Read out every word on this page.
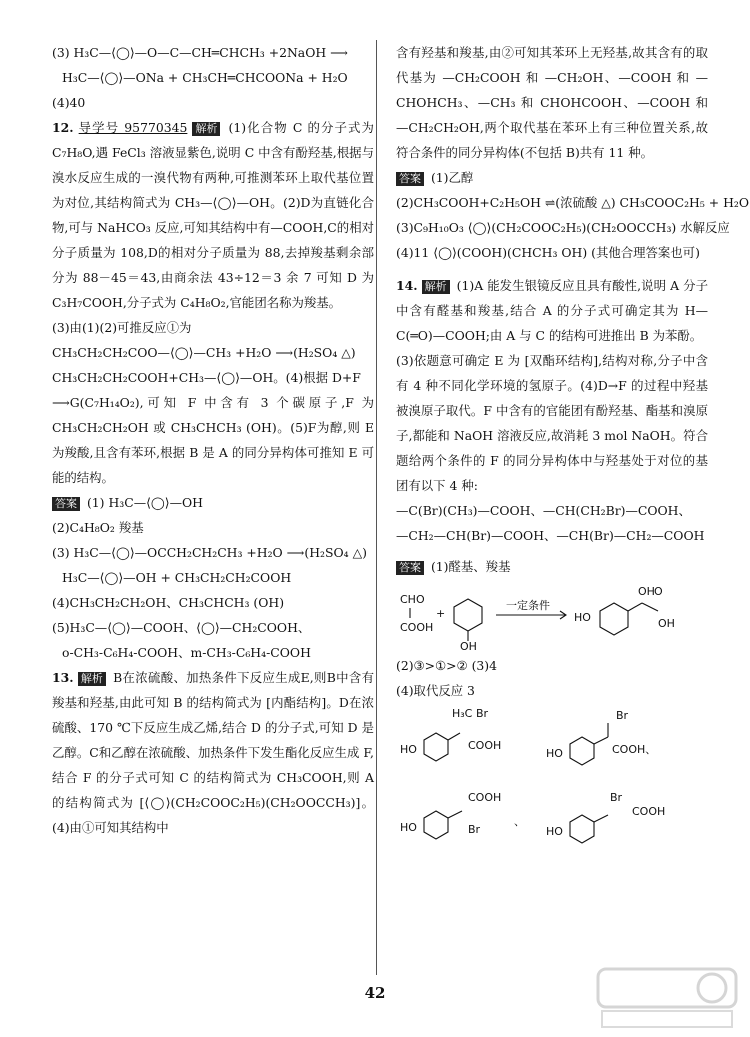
(3) H₃C—⟨◯⟩—O—C—CH═CHCH₃ +2NaOH ⟶
H₃C—⟨◯⟩—ONa + CH₃CH═CHCOONa + H₂O
(4)40
12. 导学号 95770345 解析 (1)化合物 C 的分子式为 C₇H₈O,遇 FeCl₃ 溶液显紫色,说明 C 中含有酚羟基,根据与溴水反应生成的一溴代物有两种,可推测苯环上取代基位置为对位,其结构简式为 CH₃—⟨◯⟩—OH。(2)D为直链化合物,可与 NaHCO₃ 反应,可知其结构中有—COOH,C的相对分子质量为 108,D的相对分子质量为 88,去掉羧基剩余部分为 88－45＝43,由商余法 43÷12＝3 余 7 可知 D 为 C₃H₇COOH,分子式为 C₄H₈O₂,官能团名称为羧基。
(3)由(1)(2)可推反应①为
CH₃CH₂CH₂COO—⟨◯⟩—CH₃ +H₂O ⟶(H₂SO₄ △)
CH₃CH₂CH₂COOH+CH₃—⟨◯⟩—OH。(4)根据 D+F
⟶G(C₇H₁₄O₂),可知 F 中含有 3 个碳原子,F 为 CH₃CH₂CH₂OH 或 CH₃CHCH₃ (OH)。(5)F为醇,则 E 为羧酸,且含有苯环,根据 B 是 A 的同分异构体可推知 E 可能的结构。
答案 (1) H₃C—⟨◯⟩—OH
(2)C₄H₈O₂ 羧基
(3) H₃C—⟨◯⟩—OCCH₂CH₂CH₃ +H₂O ⟶(H₂SO₄ △)
H₃C—⟨◯⟩—OH + CH₃CH₂CH₂COOH
(4)CH₃CH₂CH₂OH、CH₃CHCH₃ (OH)
(5)H₃C—⟨◯⟩—COOH、⟨◯⟩—CH₂COOH、
o-CH₃-C₆H₄-COOH、m-CH₃-C₆H₄-COOH
13. 解析 B在浓硫酸、加热条件下反应生成E,则B中含有羧基和羟基,由此可知 B 的结构简式为 [内酯结构]。D在浓硫酸、170 ℃下反应生成乙烯,结合 D 的分子式,可知 D 是乙醇。C和乙醇在浓硫酸、加热条件下发生酯化反应生成 F,结合 F 的分子式可知 C 的结构简式为 CH₃COOH,则 A 的结构简式为 [⟨◯⟩(CH₂COOC₂H₅)(CH₂OOCCH₃)]。(4)由①可知其结构中
含有羟基和羧基,由②可知其苯环上无羟基,故其含有的取代基为 —CH₂COOH 和 —CH₂OH、—COOH 和 —CHOHCH₃、—CH₃ 和 CHOHCOOH、—COOH 和 —CH₂CH₂OH,两个取代基在苯环上有三种位置关系,故符合条件的同分异构体(不包括 B)共有 11 种。
答案 (1)乙醇
(2)CH₃COOH+C₂H₅OH ⇌(浓硫酸 △) CH₃COOC₂H₅ + H₂O
(3)C₉H₁₀O₃ ⟨◯⟩(CH₂COOC₂H₅)(CH₂OOCCH₃) 水解反应
(4)11 ⟨◯⟩(COOH)(CHCH₃ OH) (其他合理答案也可)
14. 解析 (1)A 能发生银镜反应且具有酸性,说明 A 分子中含有醛基和羧基,结合 A 的分子式可确定其为 H—C(═O)—COOH;由 A 与 C 的结构可进推出 B 为苯酚。
(3)依题意可确定 E 为 [双酯环结构],结构对称,分子中含有 4 种不同化学环境的氢原子。(4)D→F 的过程中羟基被溴原子取代。F 中含有的官能团有酚羟基、酯基和溴原子,都能和 NaOH 溶液反应,故消耗 3 mol NaOH。符合题给两个条件的 F 的同分异构体中与羟基处于对位的基团有以下 4 种:
—C(Br)(CH₃)—COOH、—CH(CH₂Br)—COOH、
—CH₂—CH(Br)—COOH、—CH(Br)—CH₂—COOH
答案 (1)醛基、羧基
CHO
COOH
+
OH
一定条件
HO
OH O
OH
(2)③>①>② (3)4
(4)取代反应 3
HO
H₃C Br
COOH
HO
Br
COOH、
HO
COOH
Br
、
HO
Br
COOH
42
